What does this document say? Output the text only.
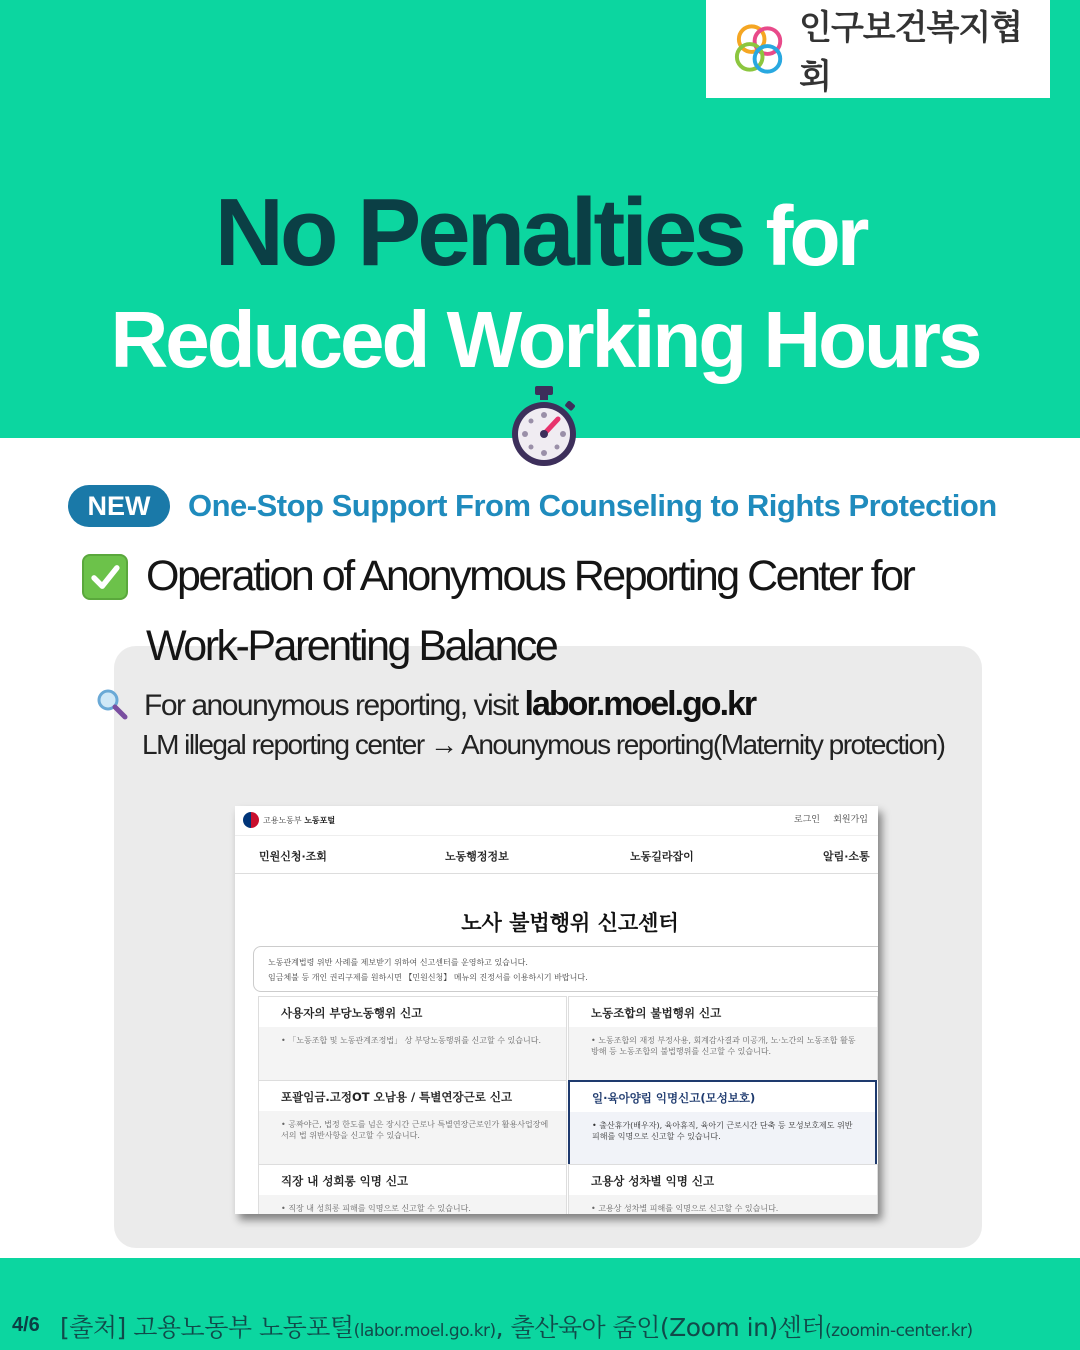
인구보건복지협회
No Penalties for
Reduced Working Hours
NEW	One-Stop Support From Counseling to Rights Protection
Operation of Anonymous Reporting Center for
Work-Parenting Balance
For anounymous reporting, visit labor.moel.go.kr
LM illegal reporting center → Anounymous reporting(Maternity protection)
고용노동부 노동포털	로그인 회원가입
민원신청·조회	노동행정정보	노동길라잡이	알림·소통
노사 불법행위 신고센터
노동관계법령 위반 사례를 제보받기 위하여 신고센터를 운영하고 있습니다.
임금체불 등 개인 권리구제를 원하시면 【민원신청】 메뉴의 진정서를 이용하시기 바랍니다.
사용자의 부당노동행위 신고
• 「노동조합 및 노동관계조정법」 상 부당노동행위를 신고할 수 있습니다.
노동조합의 불법행위 신고
• 노동조합의 재정 부정사용, 회계감사결과 미공개, 노·노간의 노동조합 활동방해 등 노동조합의 불법행위를 신고할 수 있습니다.
포괄임금.고정OT 오남용 / 특별연장근로 신고
• 공짜야근, 법정 한도를 넘은 장시간 근로나 특별연장근로인가 활용사업장에서의 법 위반사항을 신고할 수 있습니다.
일·육아양립 익명신고(모성보호)
• 출산휴가(배우자), 육아휴직, 육아기 근로시간 단축 등 모성보호제도 위반 피해를 익명으로 신고할 수 있습니다.
직장 내 성희롱 익명 신고
• 직장 내 성희롱 피해를 익명으로 신고할 수 있습니다.
고용상 성차별 익명 신고
• 고용상 성차별 피해를 익명으로 신고할 수 있습니다.
4/6 [출처] 고용노동부 노동포털(labor.moel.go.kr), 출산육아 줌인(Zoom in)센터(zoomin-center.kr)
